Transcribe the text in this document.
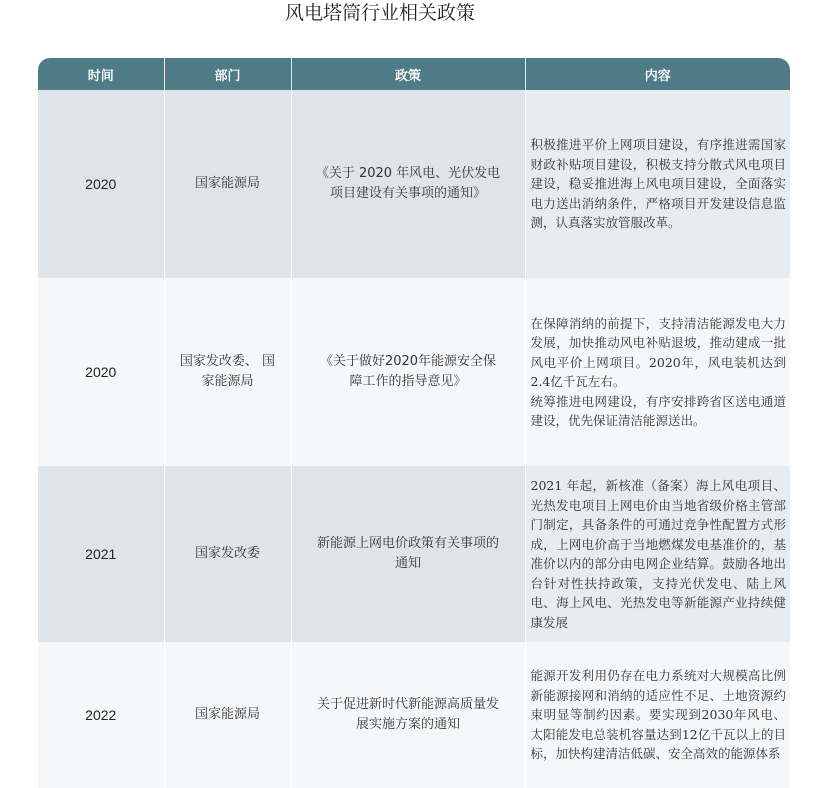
风电塔筒行业相关政策
时间	部门	政策	内容
2020	国家能源局	《关于 2020 年风电、光伏发电项目建设有关事项的通知》	积极推进平价上网项目建设，有序推进需国家财政补贴项目建设，积极支持分散式风电项目建设，稳妥推进海上风电项目建设，全面落实电力送出消纳条件，严格项目开发建设信息监测，认真落实放管服改革。

2020	国家发改委、 国家能源局	《关于做好2020年能源安全保障工作的指导意见》	在保障消纳的前提下，支持清洁能源发电大力发展，加快推动风电补贴退坡，推动建成一批风电平价上网项目。2020年，风电装机达到 2.4亿千瓦左右。
统筹推进电网建设，有序安排跨省区送电通道建设，优先保证清洁能源送出。

2021	国家发改委	新能源上网电价政策有关事项的通知	2021 年起，新核准（备案）海上风电项目、光热发电项目上网电价由当地省级价格主管部门制定，具备条件的可通过竞争性配置方式形成，上网电价高于当地燃煤发电基准价的，基准价以内的部分由电网企业结算。鼓励各地出台针对性扶持政策，支持光伏发电、陆上风电、海上风电、光热发电等新能源产业持续健康发展

2022	国家能源局	关于促进新时代新能源高质量发展实施方案的通知	能源开发利用仍存在电力系统对大规模高比例新能源接网和消纳的适应性不足、土地资源约束明显等制约因素。要实现到2030年风电、太阳能发电总装机容量达到12亿千瓦以上的目标，加快构建清洁低碳、安全高效的能源体系
